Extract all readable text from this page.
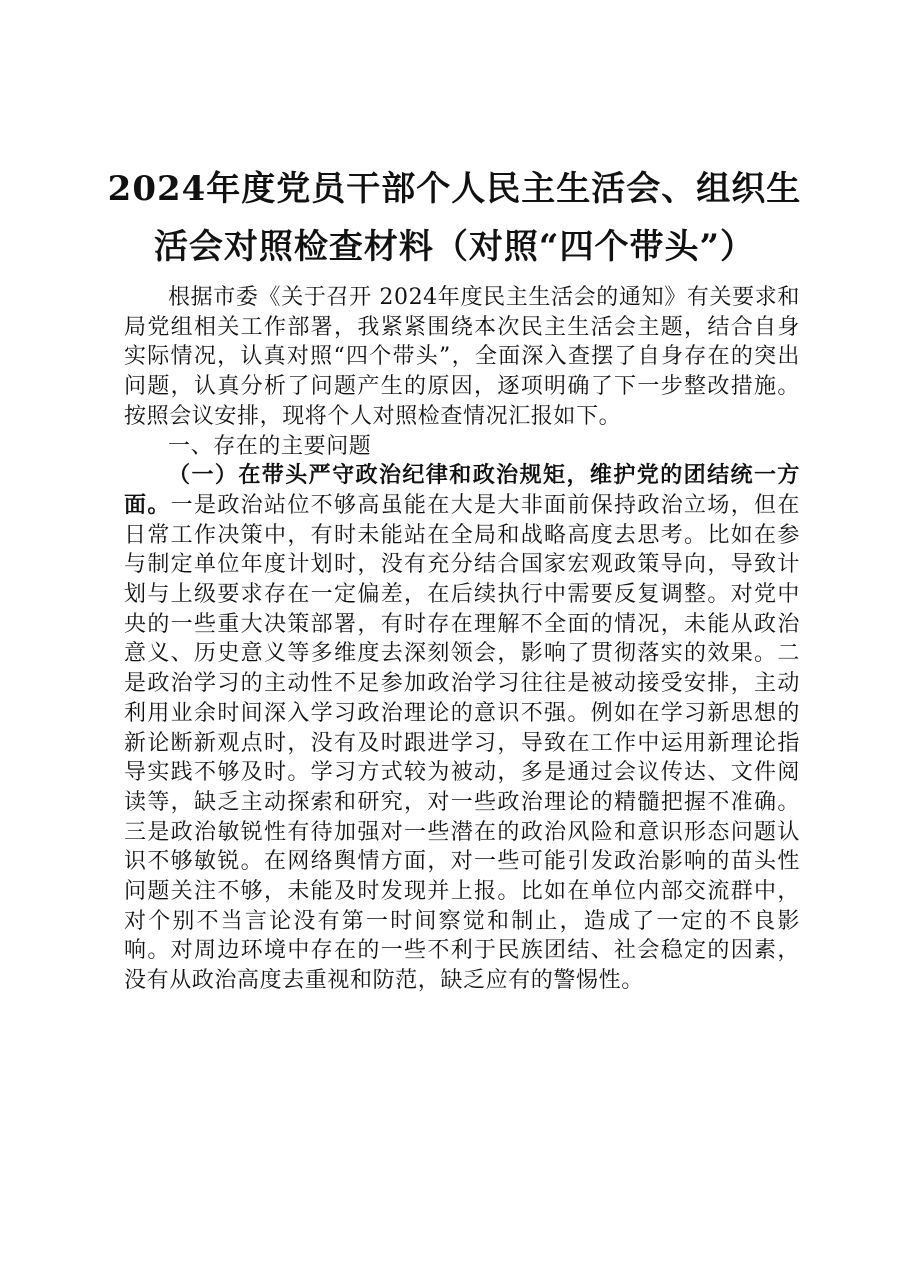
2024年度党员干部个人民主生活会、组织生活会对照检查材料（对照“四个带头”）

根据市委《关于召开 2024年度民主生活会的通知》有关要求和局党组相关工作部署，我紧紧围绕本次民主生活会主题，结合自身实际情况，认真对照“四个带头”，全面深入查摆了自身存在的突出问题，认真分析了问题产生的原因，逐项明确了下一步整改措施。按照会议安排，现将个人对照检查情况汇报如下。

一、存在的主要问题

（一）在带头严守政治纪律和政治规矩，维护党的团结统一方面。一是政治站位不够高虽能在大是大非面前保持政治立场，但在日常工作决策中，有时未能站在全局和战略高度去思考。比如在参与制定单位年度计划时，没有充分结合国家宏观政策导向，导致计划与上级要求存在一定偏差，在后续执行中需要反复调整。对党中央的一些重大决策部署，有时存在理解不全面的情况，未能从政治意义、历史意义等多维度去深刻领会，影响了贯彻落实的效果。二是政治学习的主动性不足参加政治学习往往是被动接受安排，主动利用业余时间深入学习政治理论的意识不强。例如在学习新思想的新论断新观点时，没有及时跟进学习，导致在工作中运用新理论指导实践不够及时。学习方式较为被动，多是通过会议传达、文件阅读等，缺乏主动探索和研究，对一些政治理论的精髓把握不准确。三是政治敏锐性有待加强对一些潜在的政治风险和意识形态问题认识不够敏锐。在网络舆情方面，对一些可能引发政治影响的苗头性问题关注不够，未能及时发现并上报。比如在单位内部交流群中，对个别不当言论没有第一时间察觉和制止，造成了一定的不良影响。对周边环境中存在的一些不利于民族团结、社会稳定的因素，没有从政治高度去重视和防范，缺乏应有的警惕性。
